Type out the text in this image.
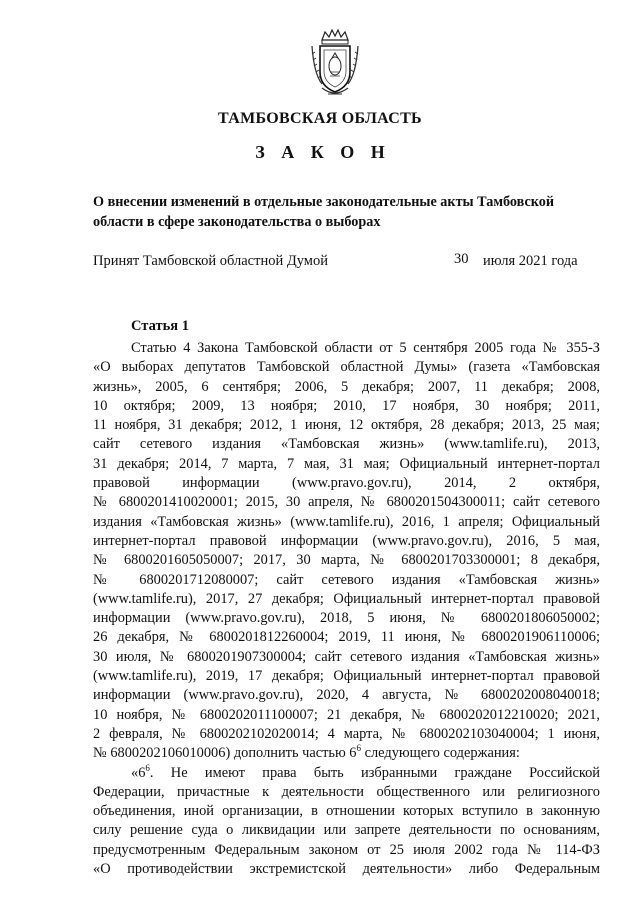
ТАМБОВСКАЯ ОБЛАСТЬ
З А К О Н
О внесении изменений в отдельные законодательные акты Тамбовской
области в сфере законодательства о выборах
Принят Тамбовской областной Думой	30 июля 2021 года
Статья 1
Статью 4 Закона Тамбовской области от 5 сентября 2005 года № 355-З
«О выборах депутатов Тамбовской областной Думы» (газета «Тамбовская
жизнь», 2005, 6 сентября; 2006, 5 декабря; 2007, 11 декабря; 2008,
10 октября; 2009, 13 ноября; 2010, 17 ноября, 30 ноября; 2011,
11 ноября, 31 декабря; 2012, 1 июня, 12 октября, 28 декабря; 2013, 25 мая;
сайт сетевого издания «Тамбовская жизнь» (www.tamlife.ru), 2013,
31 декабря; 2014, 7 марта, 7 мая, 31 мая; Официальный интернет-портал
правовой информации (www.pravo.gov.ru), 2014, 2 октября,
№ 6800201410020001; 2015, 30 апреля, № 6800201504300011; сайт сетевого
издания «Тамбовская жизнь» (www.tamlife.ru), 2016, 1 апреля; Официальный
интернет-портал правовой информации (www.pravo.gov.ru), 2016, 5 мая,
№ 6800201605050007; 2017, 30 марта, № 6800201703300001; 8 декабря,
№ 6800201712080007; сайт сетевого издания «Тамбовская жизнь»
(www.tamlife.ru), 2017, 27 декабря; Официальный интернет-портал правовой
информации (www.pravo.gov.ru), 2018, 5 июня, № 6800201806050002;
26 декабря, № 6800201812260004; 2019, 11 июня, № 6800201906110006;
30 июля, № 6800201907300004; сайт сетевого издания «Тамбовская жизнь»
(www.tamlife.ru), 2019, 17 декабря; Официальный интернет-портал правовой
информации (www.pravo.gov.ru), 2020, 4 августа, № 6800202008040018;
10 ноября, № 6800202011100007; 21 декабря, № 6800202012210020; 2021,
2 февраля, № 6800202102020014; 4 марта, № 6800202103040004; 1 июня,
№ 6800202106010006) дополнить частью $6^6$ следующего содержания:
«$6^6$. Не имеют права быть избранными граждане Российской
Федерации, причастные к деятельности общественного или религиозного
объединения, иной организации, в отношении которых вступило в законную
силу решение суда о ликвидации или запрете деятельности по основаниям,
предусмотренным Федеральным законом от 25 июля 2002 года № 114-ФЗ
«О противодействии экстремистской деятельности» либо Федеральным
